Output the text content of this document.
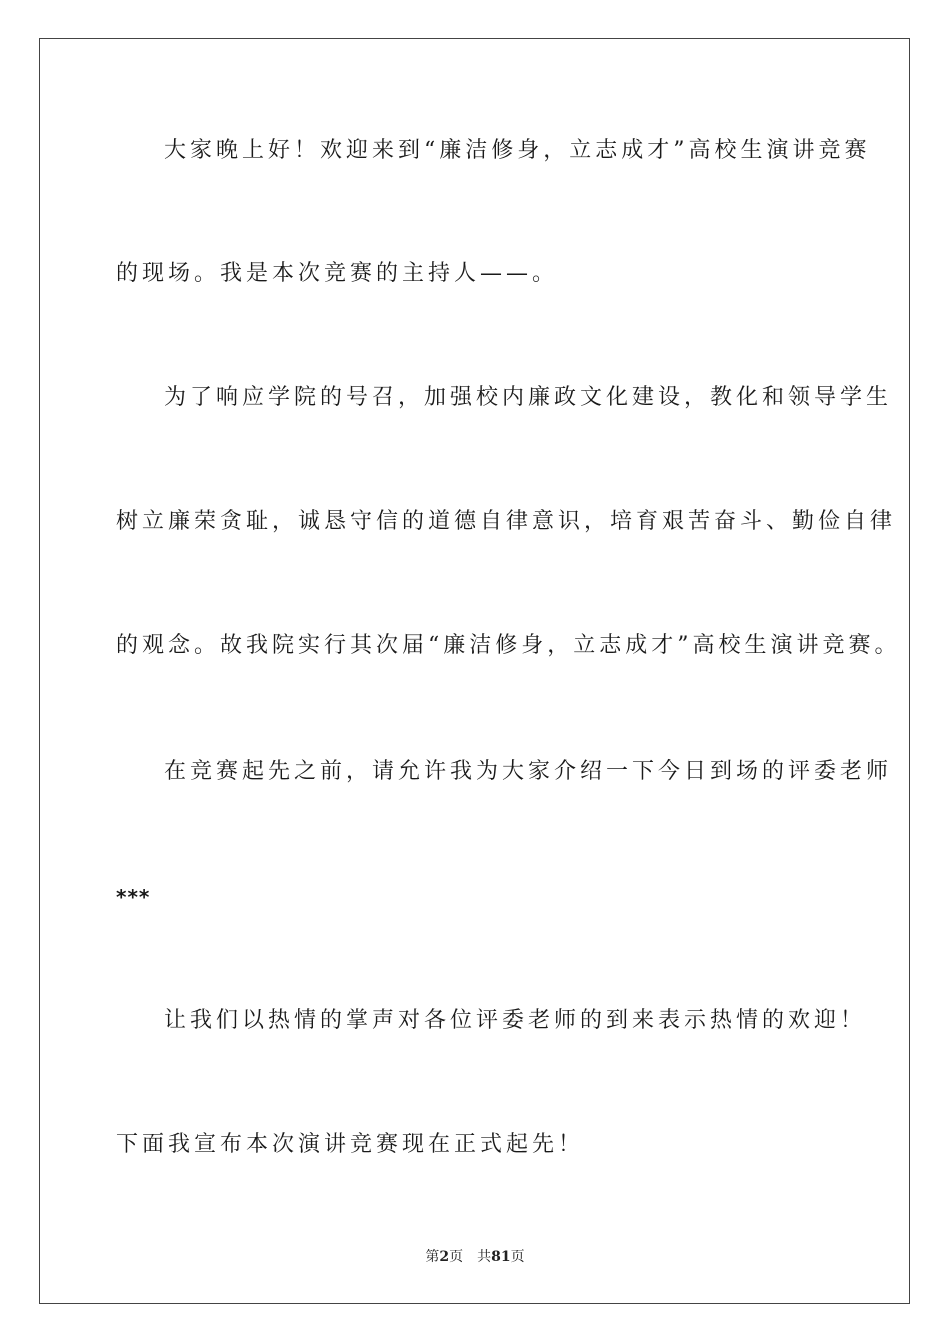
大家晚上好！欢迎来到“廉洁修身，立志成才”高校生演讲竞赛

的现场。我是本次竞赛的主持人——。

为了响应学院的号召，加强校内廉政文化建设，教化和领导学生

树立廉荣贪耻，诚恳守信的道德自律意识，培育艰苦奋斗、勤俭自律

的观念。故我院实行其次届“廉洁修身，立志成才”高校生演讲竞赛。

在竞赛起先之前，请允许我为大家介绍一下今日到场的评委老师

***

让我们以热情的掌声对各位评委老师的到来表示热情的欢迎！

下面我宣布本次演讲竞赛现在正式起先！

第2页 共81页
